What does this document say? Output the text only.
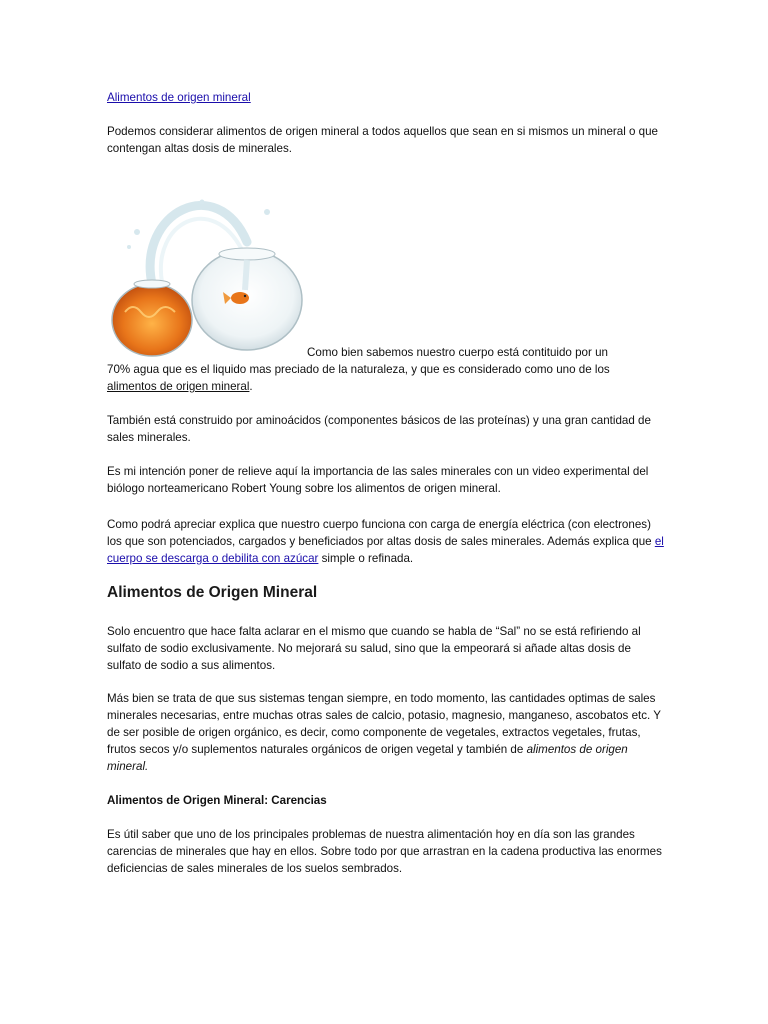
Alimentos de origen mineral

Podemos considerar alimentos de origen mineral a todos aquellos que sean en si mismos un mineral o que contengan altas dosis de minerales.

Como bien sabemos nuestro cuerpo está contituido por un

70% agua que es el liquido mas preciado de la naturaleza, y que es considerado como uno de los
alimentos de origen mineral.

También está construido por aminoácidos (componentes básicos de las proteínas) y una gran cantidad de sales minerales.

Es mi intención poner de relieve aquí la importancia de las sales minerales con un video experimental del biólogo norteamericano Robert Young sobre los alimentos de origen mineral.

Como podrá apreciar explica que nuestro cuerpo funciona con carga de energía eléctrica (con electrones) los que son potenciados, cargados y beneficiados por altas dosis de sales minerales. Además explica que el cuerpo se descarga o debilita con azúcar simple o refinada.

Alimentos de Origen Mineral

Solo encuentro que hace falta aclarar en el mismo que cuando se habla de “Sal” no se está refiriendo al sulfato de sodio exclusivamente. No mejorará su salud, sino que la empeorará si añade altas dosis de sulfato de sodio a sus alimentos.

Más bien se trata de que sus sistemas tengan siempre, en todo momento, las cantidades optimas de sales minerales necesarias, entre muchas otras sales de calcio, potasio, magnesio, manganeso, ascobatos etc. Y de ser posible de origen orgánico, es decir, como componente de vegetales, extractos vegetales, frutas, frutos secos y/o suplementos naturales orgánicos de origen vegetal y también de alimentos de origen mineral.

Alimentos de Origen Mineral: Carencias

Es útil saber que uno de los principales problemas de nuestra alimentación hoy en día son las grandes carencias de minerales que hay en ellos. Sobre todo por que arrastran en la cadena productiva las enormes deficiencias de sales minerales de los suelos sembrados.
